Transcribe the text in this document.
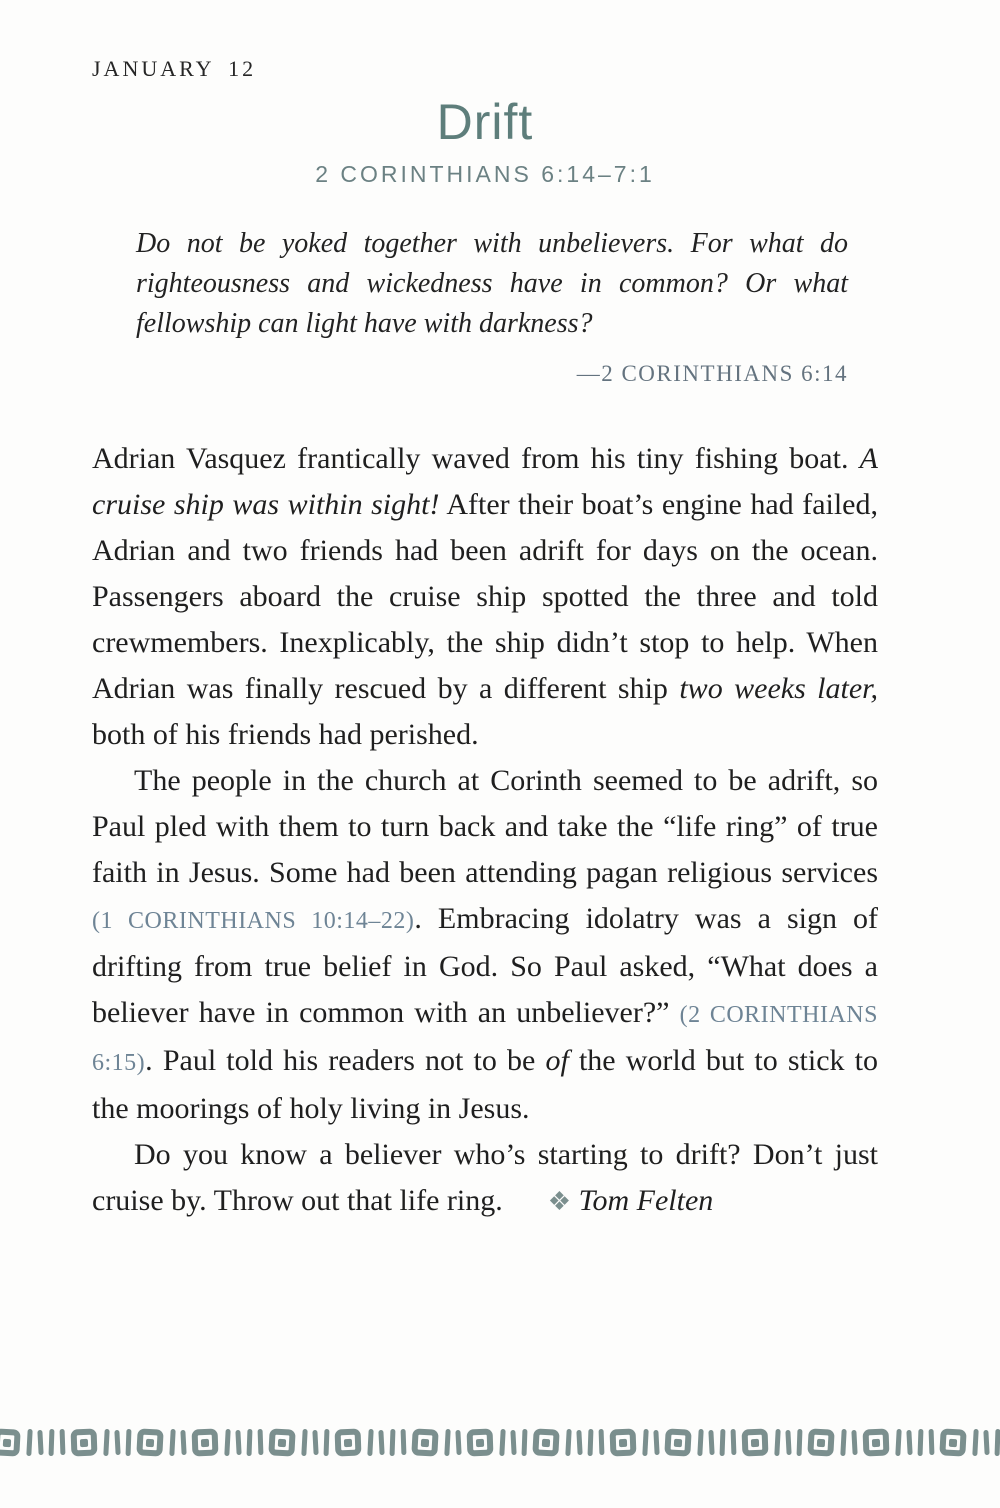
JANUARY 12
Drift
2 CORINTHIANS 6:14–7:1
Do not be yoked together with unbelievers. For what do righteousness and wickedness have in common? Or what fellowship can light have with darkness?
—2 CORINTHIANS 6:14

Adrian Vasquez frantically waved from his tiny fishing boat. A cruise ship was within sight! After their boat’s engine had failed, Adrian and two friends had been adrift for days on the ocean. Passengers aboard the cruise ship spotted the three and told crewmembers. Inexplicably, the ship didn’t stop to help. When Adrian was finally rescued by a different ship two weeks later, both of his friends had perished.

The people in the church at Corinth seemed to be adrift, so Paul pled with them to turn back and take the “life ring” of true faith in Jesus. Some had been attending pagan religious services (1 CORINTHIANS 10:14–22). Embracing idolatry was a sign of drifting from true belief in God. So Paul asked, “What does a believer have in common with an unbeliever?” (2 CORINTHIANS 6:15). Paul told his readers not to be of the world but to stick to the moorings of holy living in Jesus.

Do you know a believer who’s starting to drift? Don’t just cruise by. Throw out that life ring. ❖ Tom Felten
